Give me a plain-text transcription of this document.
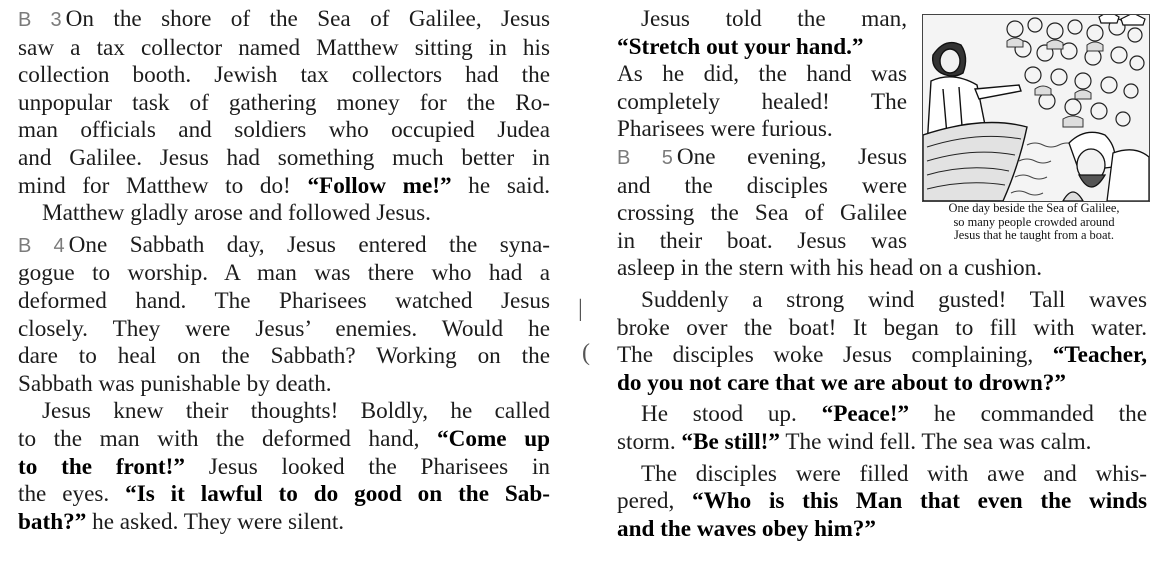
B 3 On the shore of the Sea of Galilee, Jesus

saw a tax collector named Matthew sitting in his

collection booth. Jewish tax collectors had the

unpopular task of gathering money for the Ro-

man officials and soldiers who occupied Judea

and Galilee. Jesus had something much better in

mind for Matthew to do! “Follow me!” he said.

Matthew gladly arose and followed Jesus.

B 4 One Sabbath day, Jesus entered the syna-

gogue to worship. A man was there who had a

deformed hand. The Pharisees watched Jesus

closely. They were Jesus’ enemies. Would he

dare to heal on the Sabbath? Working on the

Sabbath was punishable by death.

Jesus knew their thoughts! Boldly, he called

to the man with the deformed hand, “Come up

to the front!” Jesus looked the Pharisees in

the eyes. “Is it lawful to do good on the Sab-

bath?” he asked. They were silent.

|
(

Jesus told the man,

“Stretch out your hand.”

As he did, the hand was

completely healed! The

Pharisees were furious.

B 5 One evening, Jesus

and the disciples were

crossing the Sea of Galilee

in their boat. Jesus was

asleep in the stern with his head on a cushion.

Suddenly a strong wind gusted! Tall waves

broke over the boat! It began to fill with water.

The disciples woke Jesus complaining, “Teacher,

do you not care that we are about to drown?”

He stood up. “Peace!” he commanded the

storm. “Be still!” The wind fell. The sea was calm.

The disciples were filled with awe and whis-

pered, “Who is this Man that even the winds

and the waves obey him?”

One day beside the Sea of Galilee,
so many people crowded around
Jesus that he taught from a boat.
